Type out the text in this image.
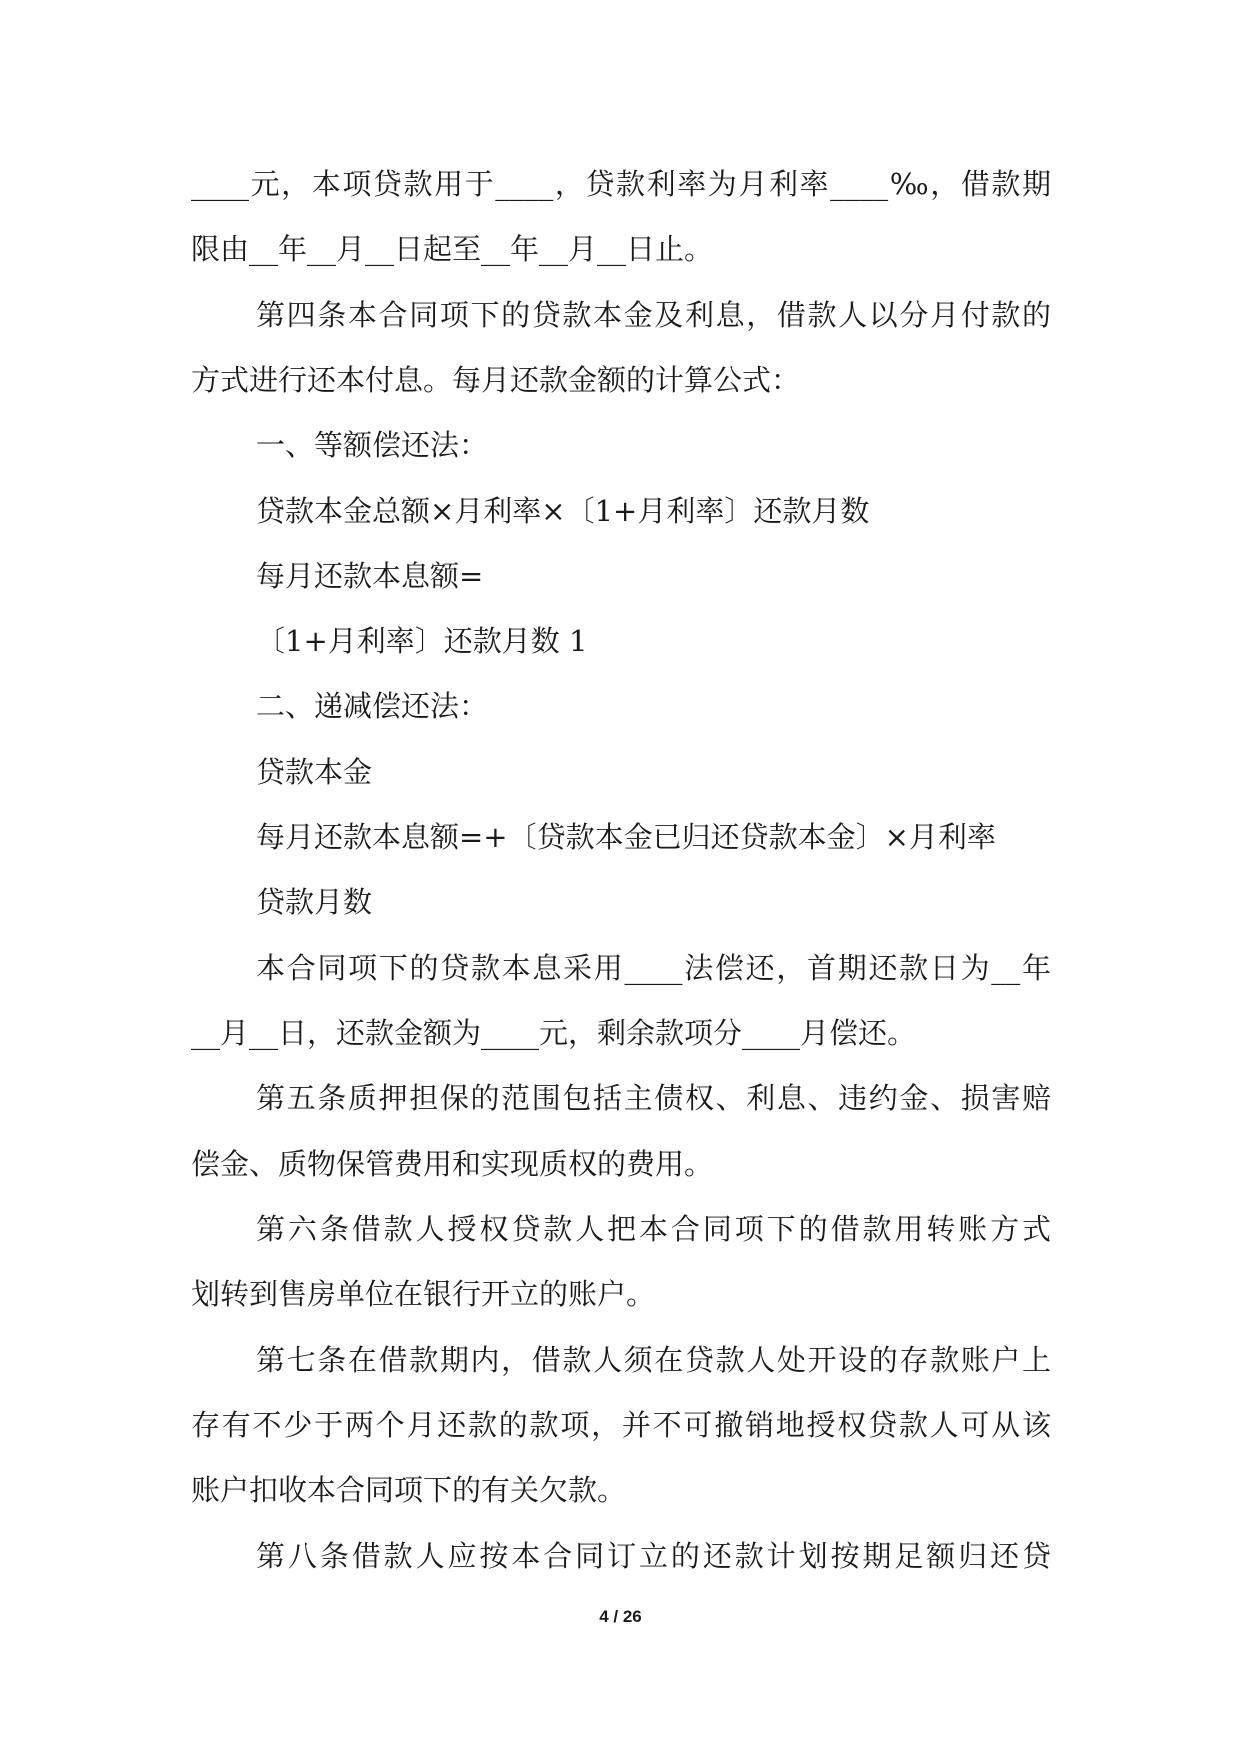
____元，本项贷款用于____，贷款利率为月利率____‰，借款期
限由__年__月__日起至__年__月__日止。
第四条本合同项下的贷款本金及利息，借款人以分月付款的
方式进行还本付息。每月还款金额的计算公式：
一、等额偿还法：
贷款本金总额×月利率×〔1+月利率〕还款月数
每月还款本息额=
〔1+月利率〕还款月数 1
二、递减偿还法：
贷款本金
每月还款本息额=+〔贷款本金已归还贷款本金〕×月利率
贷款月数
本合同项下的贷款本息采用____法偿还，首期还款日为__年
__月__日，还款金额为____元，剩余款项分____月偿还。
第五条质押担保的范围包括主债权、利息、违约金、损害赔
偿金、质物保管费用和实现质权的费用。
第六条借款人授权贷款人把本合同项下的借款用转账方式
划转到售房单位在银行开立的账户。
第七条在借款期内，借款人须在贷款人处开设的存款账户上
存有不少于两个月还款的款项，并不可撤销地授权贷款人可从该
账户扣收本合同项下的有关欠款。
第八条借款人应按本合同订立的还款计划按期足额归还贷
4 / 26
